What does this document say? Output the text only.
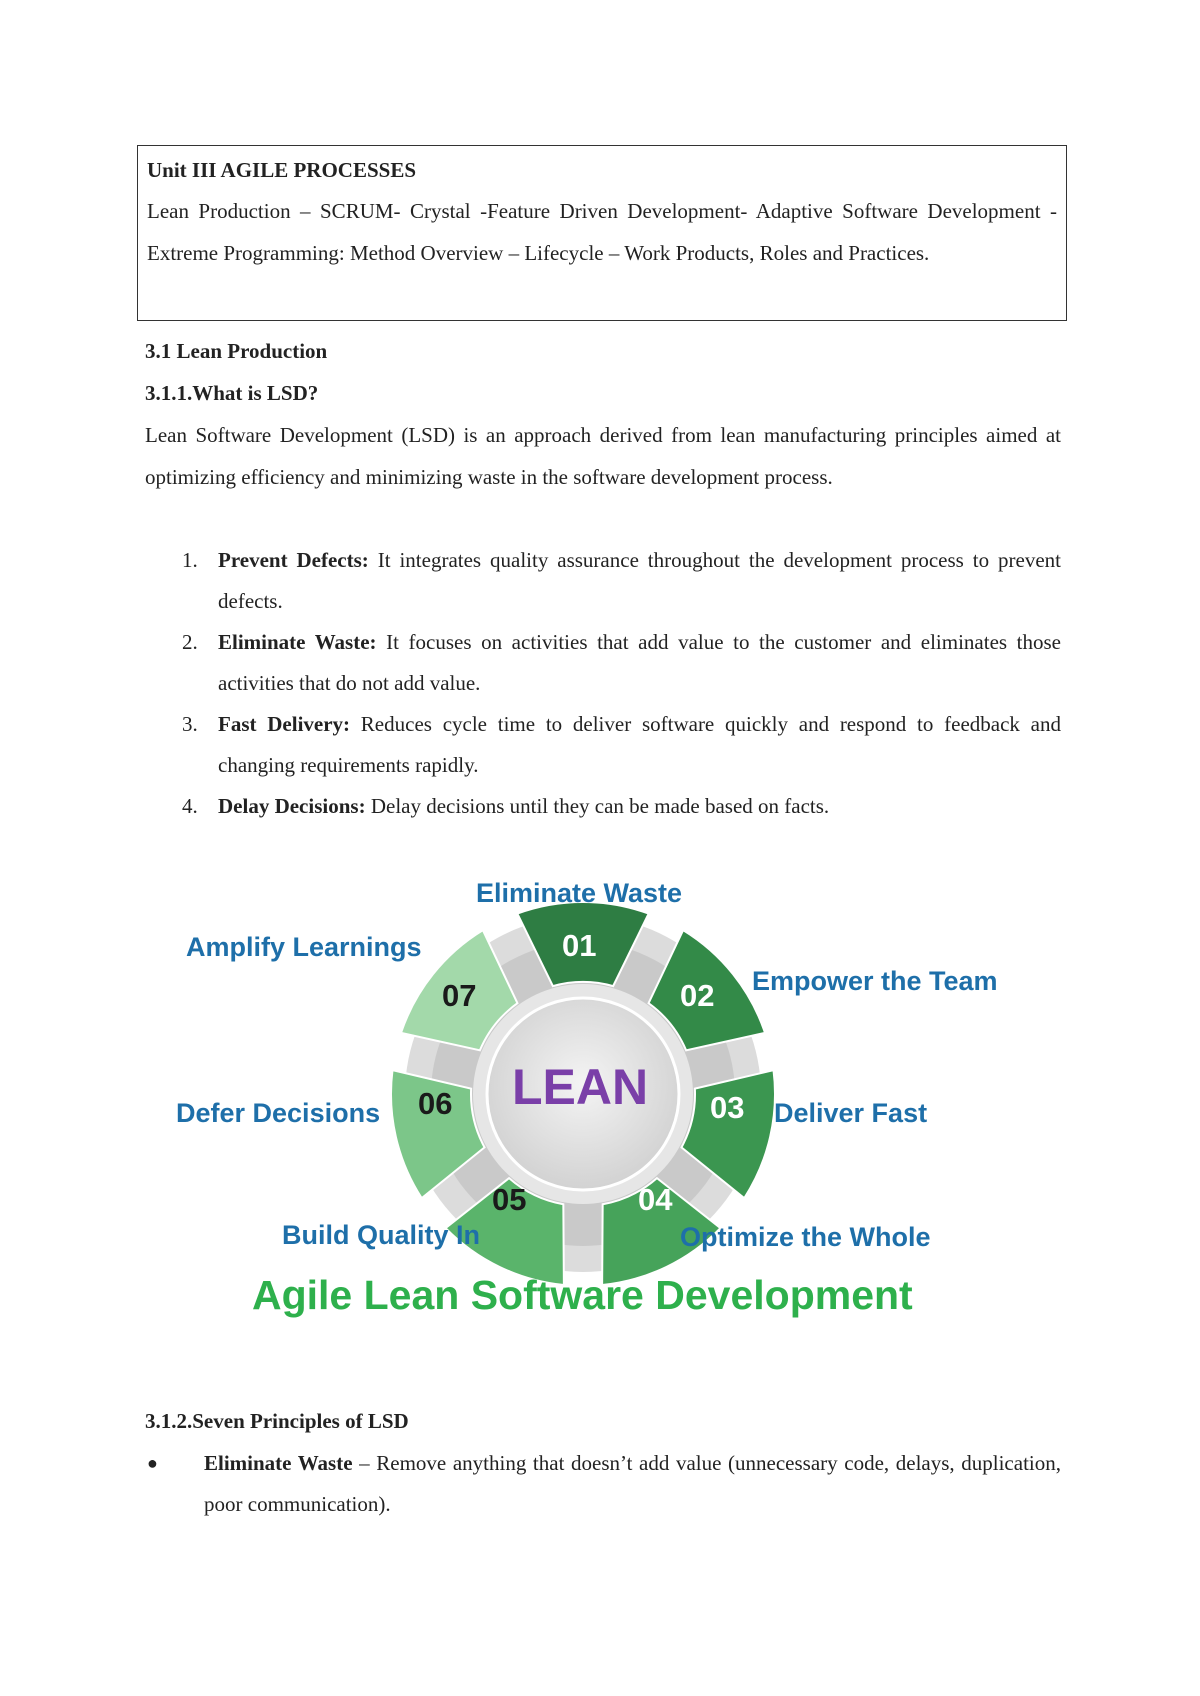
Unit III AGILE PROCESSES
Lean Production – SCRUM- Crystal -Feature Driven Development- Adaptive Software Development - Extreme Programming: Method Overview – Lifecycle – Work Products, Roles and Practices.
3.1 Lean Production
3.1.1.What is LSD?
Lean Software Development (LSD) is an approach derived from lean manufacturing principles aimed at optimizing efficiency and minimizing waste in the software development process.
1. Prevent Defects: It integrates quality assurance throughout the development process to prevent defects.
2. Eliminate Waste: It focuses on activities that add value to the customer and eliminates those activities that do not add value.
3. Fast Delivery: Reduces cycle time to deliver software quickly and respond to feedback and changing requirements rapidly.
4. Delay Decisions: Delay decisions until they can be made based on facts.
LEAN
01
02
03
04
05
06
07
Eliminate Waste
Empower the Team
Deliver Fast
Optimize the Whole
Build Quality In
Defer Decisions
Amplify Learnings
Agile Lean Software Development
3.1.2.Seven Principles of LSD
● Eliminate Waste – Remove anything that doesn’t add value (unnecessary code, delays, duplication, poor communication).
